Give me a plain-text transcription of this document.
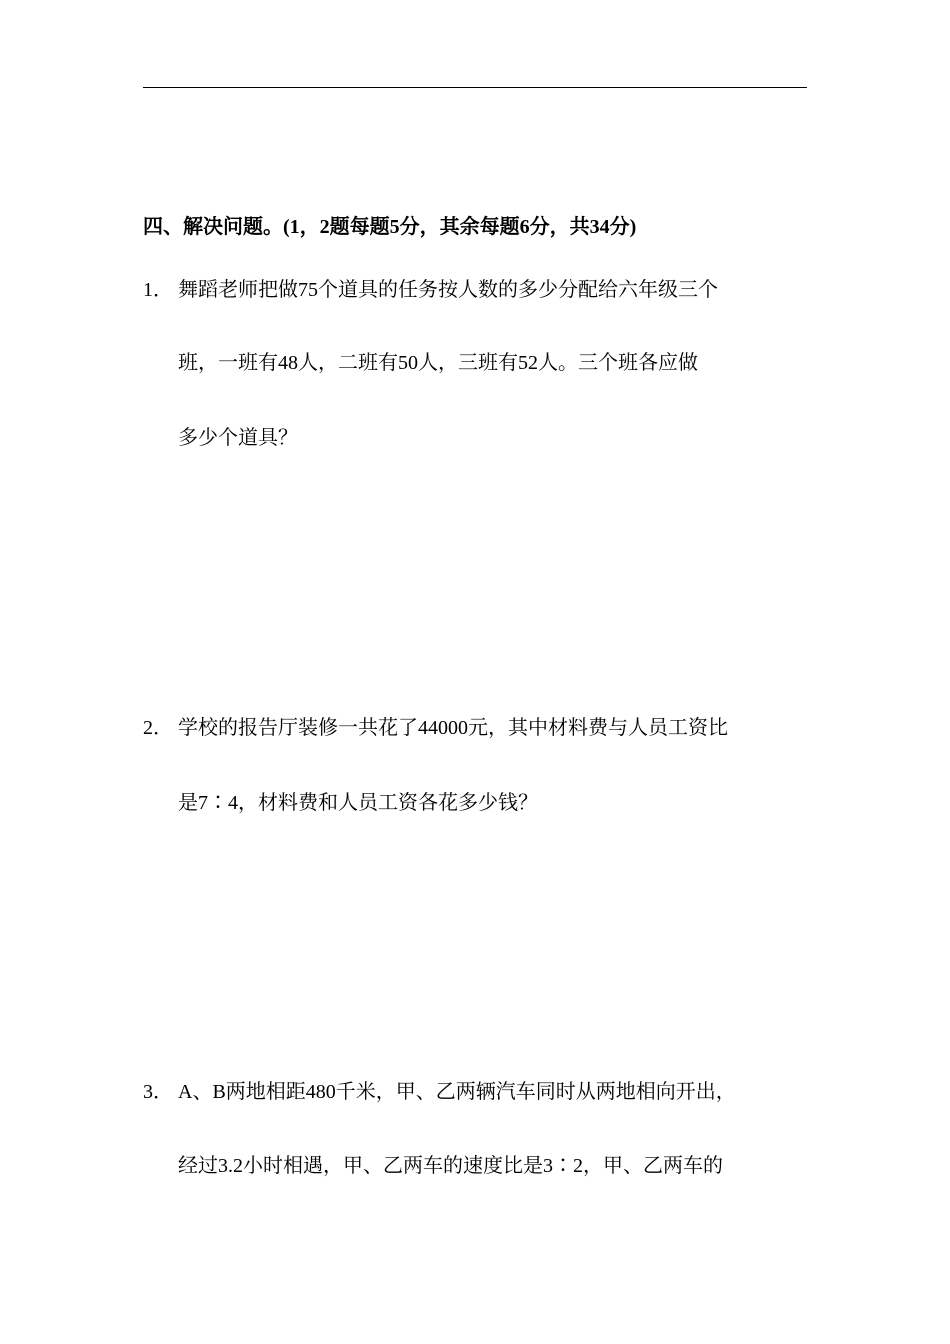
四、解决问题。(1，2题每题5分，其余每题6分，共34分)
1． 舞蹈老师把做75个道具的任务按人数的多少分配给六年级三个
班，一班有48人，二班有50人，三班有52人。三个班各应做
多少个道具？
2． 学校的报告厅装修一共花了44000元，其中材料费与人员工资比
是7∶4，材料费和人员工资各花多少钱？
3． A、B两地相距480千米，甲、乙两辆汽车同时从两地相向开出，
经过3.2小时相遇，甲、乙两车的速度比是3∶2，甲、乙两车的
